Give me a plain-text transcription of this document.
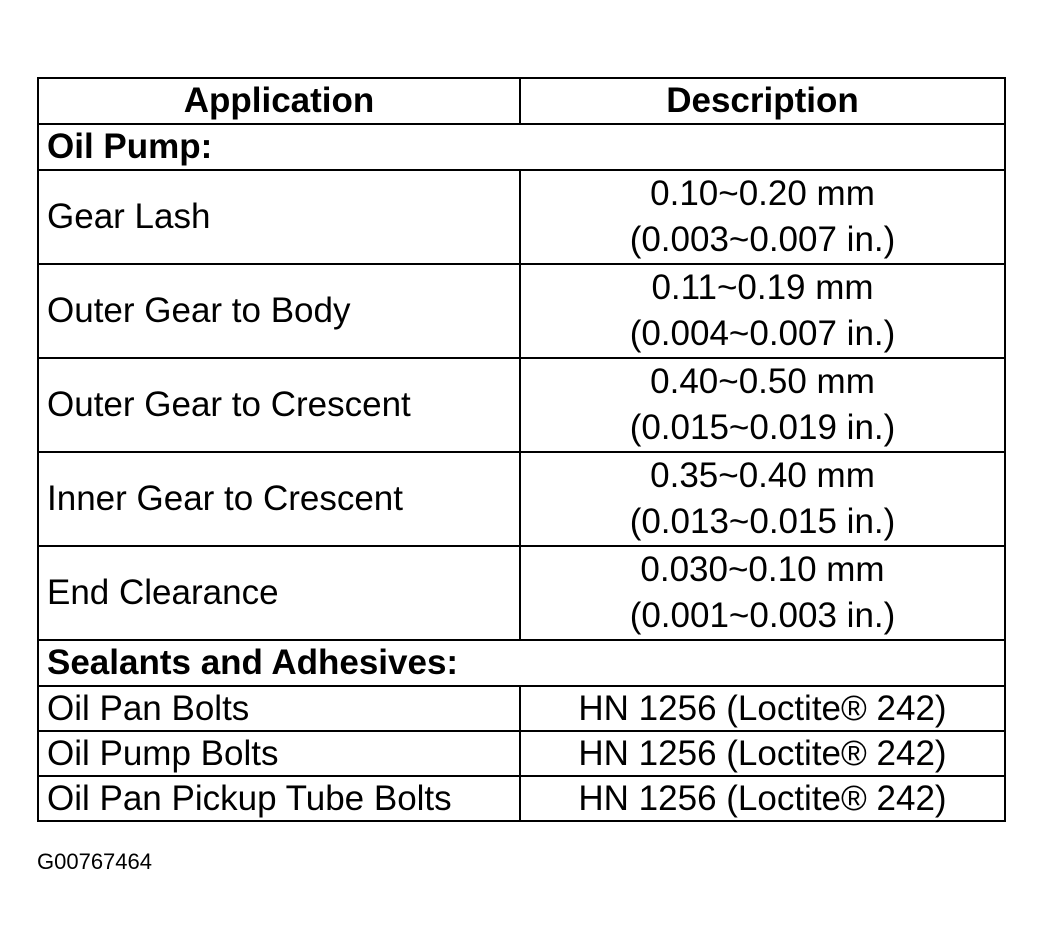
Application	Description
Oil Pump:	
Gear Lash	0.10~0.20 mm
(0.003~0.007 in.)

Outer Gear to Body	0.11~0.19 mm
(0.004~0.007 in.)

Outer Gear to Crescent	0.40~0.50 mm
(0.015~0.019 in.)

Inner Gear to Crescent	0.35~0.40 mm
(0.013~0.015 in.)

End Clearance	0.030~0.10 mm
(0.001~0.003 in.)

Sealants and Adhesives:	
Oil Pan Bolts	HN 1256 (Loctite® 242)
Oil Pump Bolts	HN 1256 (Loctite® 242)
Oil Pan Pickup Tube Bolts	HN 1256 (Loctite® 242)
G00767464
